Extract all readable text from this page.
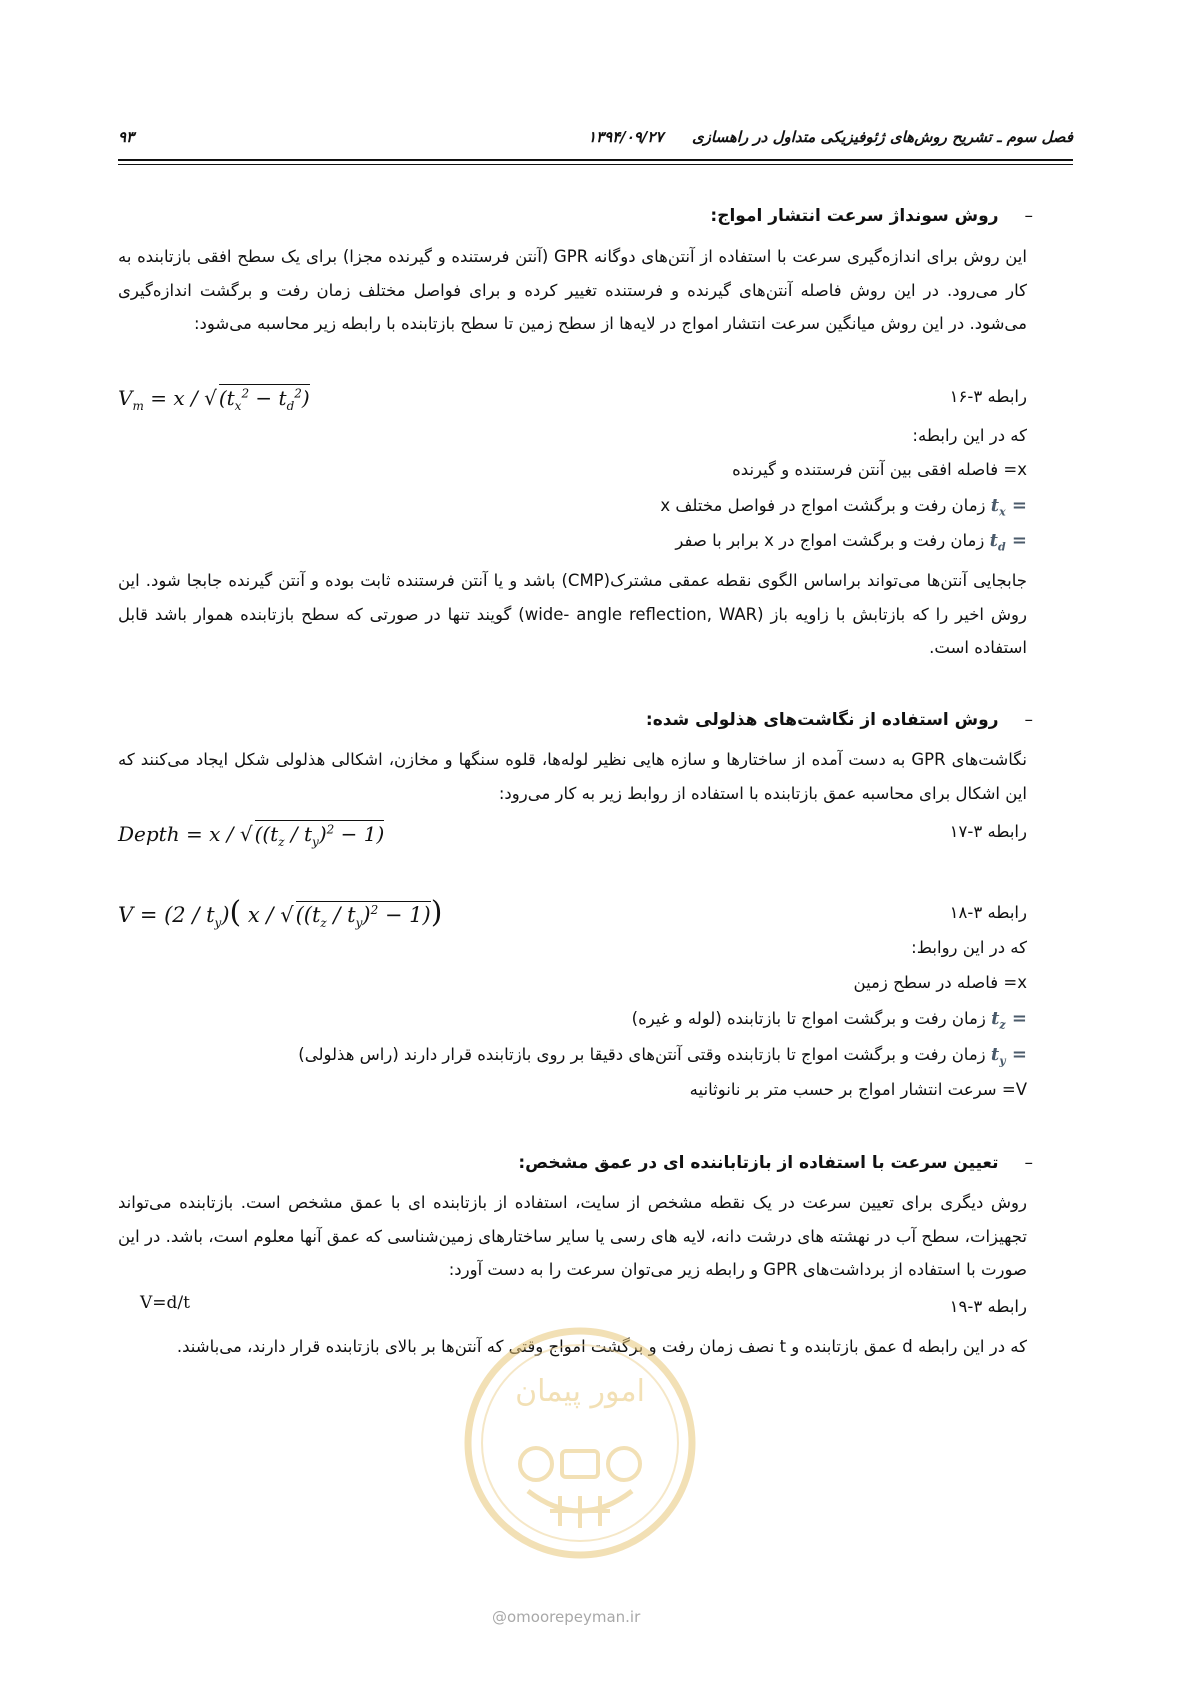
فصل سوم ـ تشریح روش‌های ژئوفیزیکی متداول در راهسازی
۱۳۹۴/۰۹/۲۷
۹۳
–روش سونداژ سرعت انتشار امواج:
این روش برای اندازه‌گیری سرعت با استفاده از آنتن‌های دوگانه GPR (آنتن فرستنده و گیرنده مجزا) برای یک سطح افقی بازتابنده به کار می‌رود. در این روش فاصله آنتن‌های گیرنده و فرستنده تغییر کرده و برای فواصل مختلف زمان رفت و برگشت اندازه‌گیری می‌شود. در این روش میانگین سرعت انتشار امواج در لایه‌ها از سطح زمین تا سطح بازتابنده با رابطه زیر محاسبه می‌شود:
رابطه ۳-۱۶
$V_m = x$ / √ $(t_x^2 - t_d^2)$
که در این رابطه:
x= فاصله افقی بین آنتن فرستنده و گیرنده
= $t_x$ زمان رفت و برگشت امواج در فواصل مختلف x
= $t_d$ زمان رفت و برگشت امواج در x برابر با صفر
جابجایی آنتن‌ها می‌تواند براساس الگوی نقطه عمقی مشترک(CMP) باشد و یا آنتن فرستنده ثابت بوده و آنتن گیرنده جابجا شود. این روش اخیر را که بازتابش با زاویه باز (wide- angle reflection, WAR) گویند تنها در صورتی که سطح بازتابنده هموار باشد قابل استفاده است.
–روش استفاده از نگاشت‌های هذلولی شده:
نگاشت‌های GPR به دست آمده از ساختارها و سازه هایی نظیر لوله‌ها، قلوه سنگها و مخازن، اشکالی هذلولی شکل ایجاد می‌کنند که این اشکال برای محاسبه عمق بازتابنده با استفاده از روابط زیر به کار می‌رود:
رابطه ۳-۱۷
Depth = x / √ $((t_z / t_y)^2 - 1)$
رابطه ۳-۱۸
$V = (2 / t_y)$( $x / √((t_z / t_y)^2 - 1)$)
که در این روابط:
x= فاصله در سطح زمین
= $t_z$ زمان رفت و برگشت امواج تا بازتابنده (لوله و غیره)
= $t_y$ زمان رفت و برگشت امواج تا بازتابنده وقتی آنتن‌های دقیقا بر روی بازتابنده قرار دارند (راس هذلولی)
V= سرعت انتشار امواج بر حسب متر بر نانوثانیه
–تعیین سرعت با استفاده از بازتاباننده ای در عمق مشخص:
روش دیگری برای تعیین سرعت در یک نقطه مشخص از سایت، استفاده از بازتابنده ای با عمق مشخص است. بازتابنده می‌تواند تجهیزات، سطح آب در نهشته های درشت دانه، لایه های رسی یا سایر ساختارهای زمین‌شناسی که عمق آنها معلوم است، باشد. در این صورت با استفاده از برداشت‌های GPR و رابطه زیر می‌توان سرعت را به دست آورد:
رابطه ۳-۱۹
V=d/t
که در این رابطه d عمق بازتابنده و t نصف زمان رفت و برگشت امواج وقتی که آنتن‌ها بر بالای بازتابنده قرار دارند، می‌باشند.
امور پیمان
@omoorepeyman.ir
